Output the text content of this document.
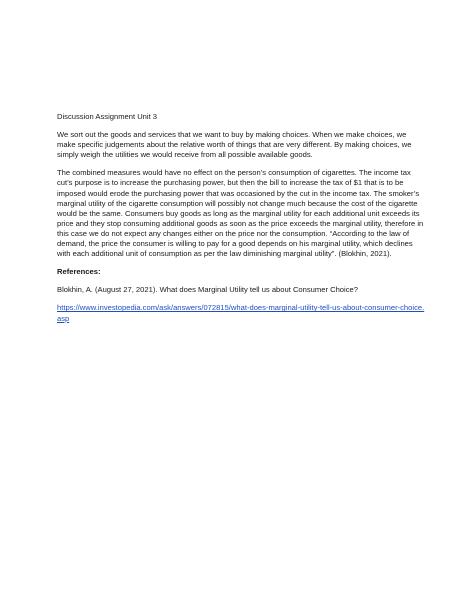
Discussion Assignment Unit 3

We sort out the goods and services that we want to buy by making choices. When we make choices, we make specific judgements about the relative worth of things that are very different. By making choices, we simply weigh the utilities we would receive from all possible available goods.

The combined measures would have no effect on the person’s consumption of cigarettes. The income tax cut’s purpose is to increase the purchasing power, but then the bill to increase the tax of $1 that is to be imposed would erode the purchasing power that was occasioned by the cut in the income tax. The smoker’s marginal utility of the cigarette consumption will possibly not change much because the cost of the cigarette would be the same. Consumers buy goods as long as the marginal utility for each additional unit exceeds its price and they stop consuming additional goods as soon as the price exceeds the marginal utility, therefore in this case we do not expect any changes either on the price nor the consumption. “According to the law of demand, the price the consumer is willing to pay for a good depends on his marginal utility, which declines with each additional unit of consumption as per the law diminishing marginal utility”. (Blokhin, 2021).

References:

Blokhin, A. (August 27, 2021). What does Marginal Utility tell us about Consumer Choice?

https://www.investopedia.com/ask/answers/072815/what-does-marginal-utility-tell-us-about-consumer-choice.asp
